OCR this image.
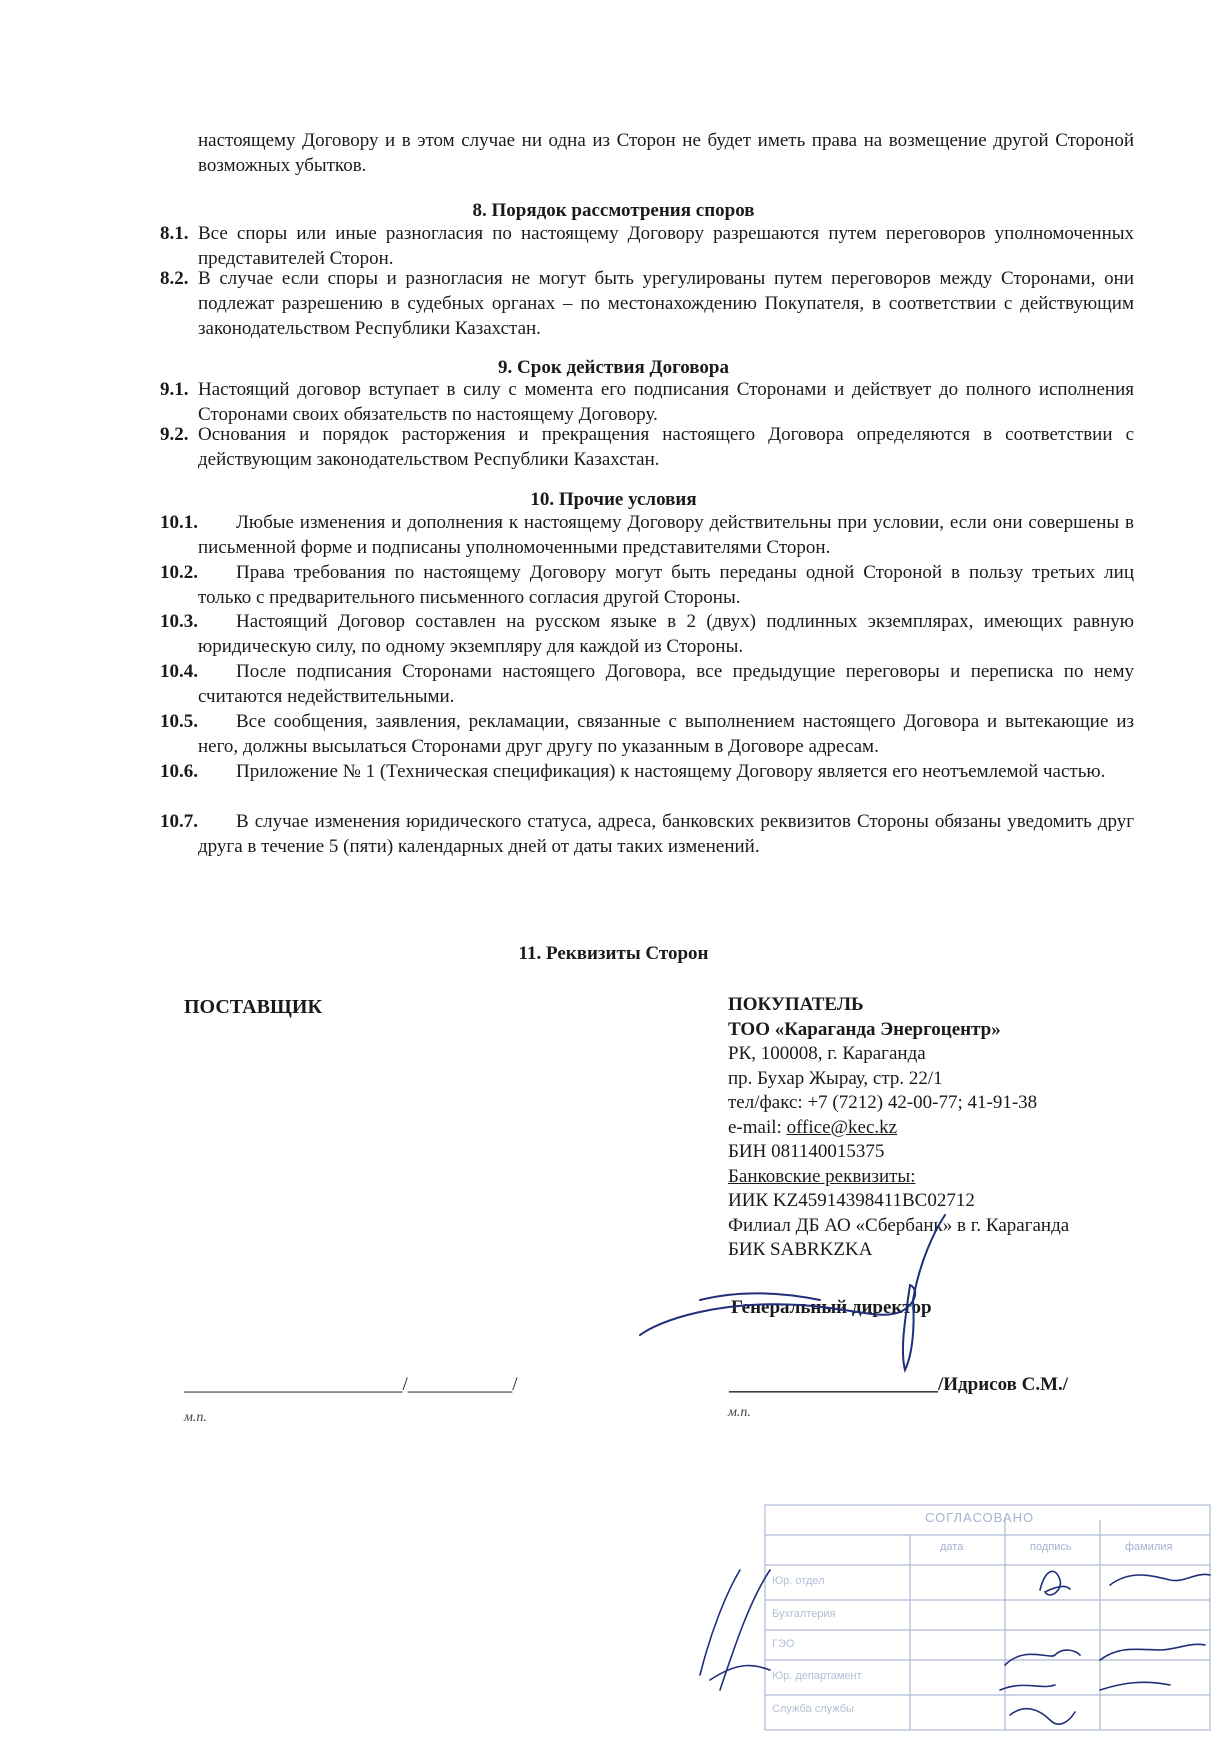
настоящему Договору и в этом случае ни одна из Сторон не будет иметь права на возмещение другой Стороной возможных убытков.
8. Порядок рассмотрения споров
8.1. Все споры или иные разногласия по настоящему Договору разрешаются путем переговоров уполномоченных представителей Сторон.
8.2. В случае если споры и разногласия не могут быть урегулированы путем переговоров между Сторонами, они подлежат разрешению в судебных органах – по местонахождению Покупателя, в соответствии с действующим законодательством Республики Казахстан.
9. Срок действия Договора
9.1. Настоящий договор вступает в силу с момента его подписания Сторонами и действует до полного исполнения Сторонами своих обязательств по настоящему Договору.
9.2. Основания и порядок расторжения и прекращения настоящего Договора определяются в соответствии с действующим законодательством Республики Казахстан.
10. Прочие условия
10.1.	Любые изменения и дополнения к настоящему Договору действительны при условии, если они совершены в письменной форме и подписаны уполномоченными представителями Сторон.
10.2.	Права требования по настоящему Договору могут быть переданы одной Стороной в пользу третьих лиц только с предварительного письменного согласия другой Стороны.
10.3.	Настоящий Договор составлен на русском языке в 2 (двух) подлинных экземплярах, имеющих равную юридическую силу, по одному экземпляру для каждой из Стороны.
10.4.	После подписания Сторонами настоящего Договора, все предыдущие переговоры и переписка по нему считаются недействительными.
10.5.	Все сообщения, заявления, рекламации, связанные с выполнением настоящего Договора и вытекающие из него, должны высылаться Сторонами друг другу по указанным в Договоре адресам.
10.6.	Приложение № 1 (Техническая спецификация) к настоящему Договору является его неотъемлемой частью.
10.7.	В случае изменения юридического статуса, адреса, банковских реквизитов Стороны обязаны уведомить друг друга в течение 5 (пяти) календарных дней от даты таких изменений.
11. Реквизиты Сторон
ПОСТАВЩИК	ПОКУПАТЕЛЬ
ТОО «Караганда Энергоцентр»
РК, 100008, г. Караганда
пр. Бухар Жырау, стр. 22/1
тел/факс: +7 (7212) 42-00-77; 41-91-38
e-mail: office@kec.kz
БИН 081140015375
Банковские реквизиты:
ИИК KZ45914398411BC02712
Филиал ДБ АО «Сбербанк» в г. Караганда
БИК SABRKZKA
Генеральный директор
_______________________/___________/
м.п.
______________________/Идрисов С.М./
м.п.
СОГЛАСОВАНО
дата	подпись	фамилия
Юр. отдел
Бухгалтерия
ГЭО
Юр. департамент
Служба службы
